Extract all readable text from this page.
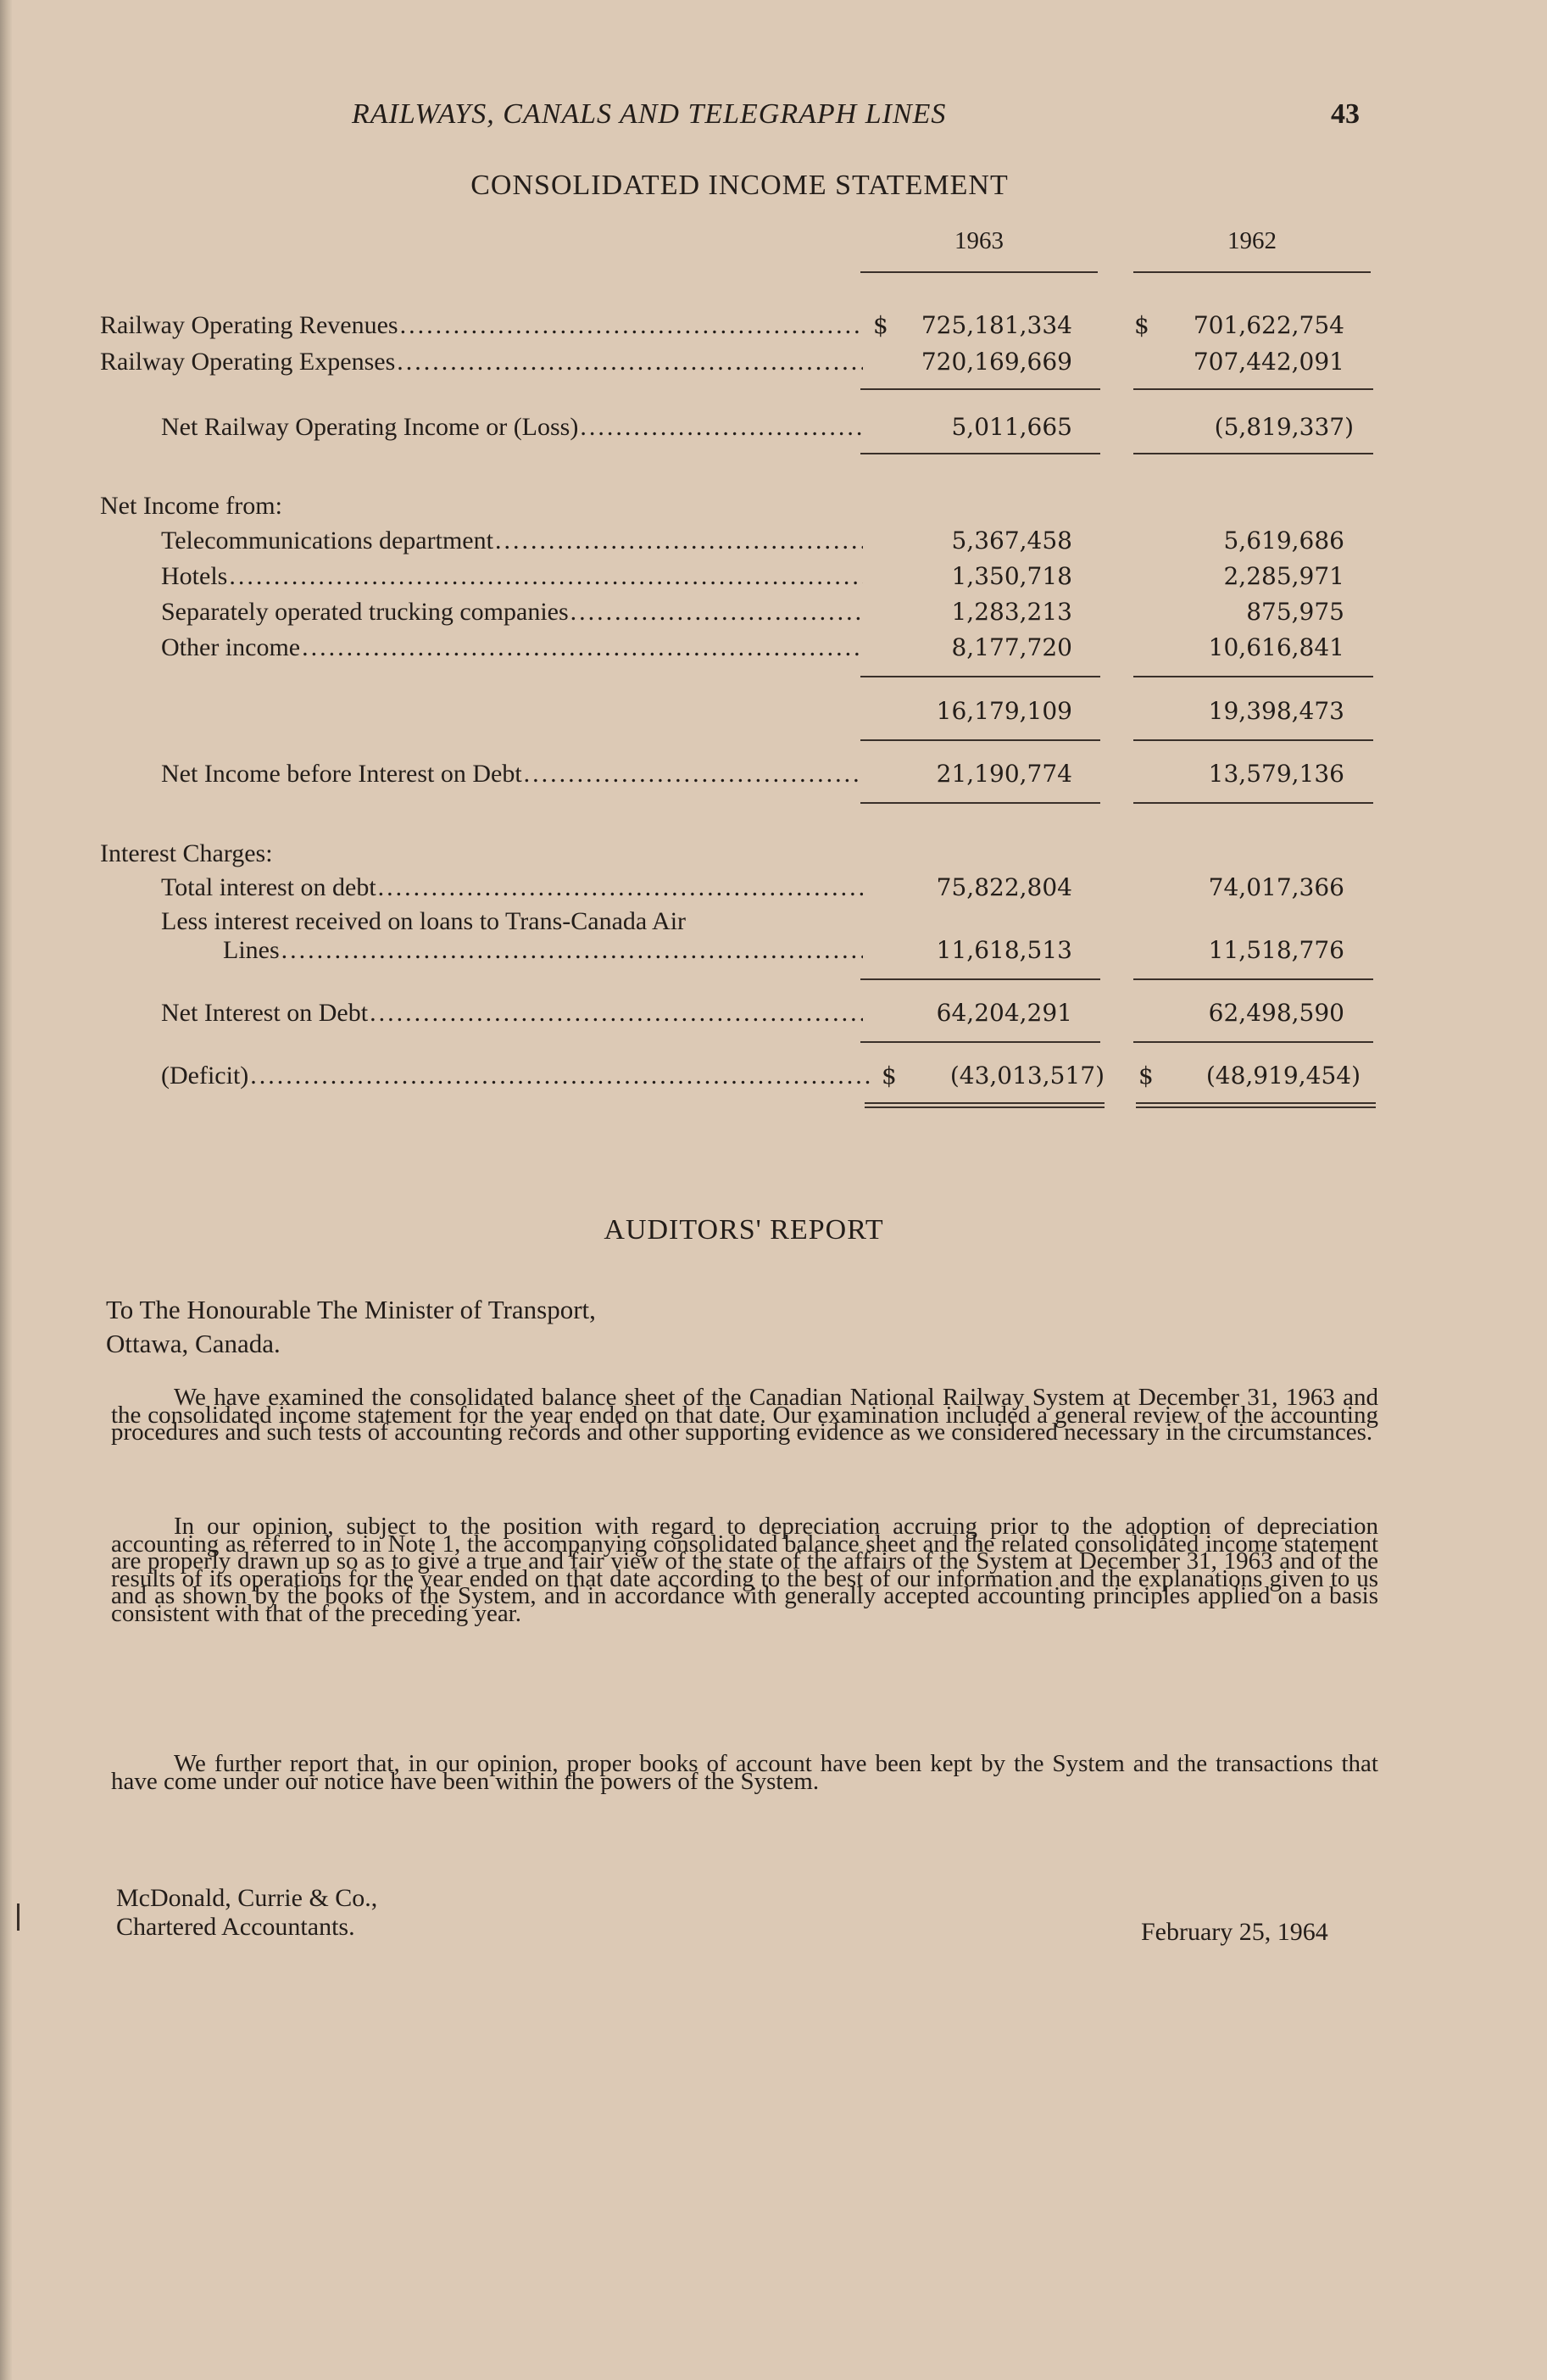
RAILWAYS, CANALS AND TELEGRAPH LINES	43
CONSOLIDATED INCOME STATEMENT
1963	1962
Railway Operating Revenues .....	$ 725,181,334	$ 701,622,754
Railway Operating Expenses .....	720,169,669	707,442,091
Net Railway Operating Income or (Loss) .....	5,011,665	(5,819,337)
Net Income from:
Telecommunications department .....	5,367,458	5,619,686
Hotels .....	1,350,718	2,285,971
Separately operated trucking companies .....	1,283,213	875,975
Other income .....	8,177,720	10,616,841
16,179,109	19,398,473
Net Income before Interest on Debt .....	21,190,774	13,579,136
Interest Charges:
Total interest on debt .....	75,822,804	74,017,366
Less interest received on loans to Trans-Canada Air
Lines .....	11,618,513	11,518,776
Net Interest on Debt .....	64,204,291	62,498,590
(Deficit) .....	$ (43,013,517) $ (48,919,454)
AUDITORS' REPORT
To The Honourable The Minister of Transport,
Ottawa, Canada.
We have examined the consolidated balance sheet of the Canadian National Railway System at December 31, 1963 and the consolidated income statement for the year ended on that date. Our examination included a general review of the accounting procedures and such tests of accounting records and other supporting evidence as we considered necessary in the circumstances.
In our opinion, subject to the position with regard to depreciation accruing prior to the adoption of depreciation accounting as referred to in Note 1, the accompanying consolidated balance sheet and the related consolidated income statement are properly drawn up so as to give a true and fair view of the state of the affairs of the System at December 31, 1963 and of the results of its operations for the year ended on that date according to the best of our information and the explanations given to us and as shown by the books of the System, and in accordance with generally accepted accounting principles applied on a basis consistent with that of the preceding year.
We further report that, in our opinion, proper books of account have been kept by the System and the transactions that have come under our notice have been within the powers of the System.
McDonald, Currie & Co.,
Chartered Accountants.	February 25, 1964
